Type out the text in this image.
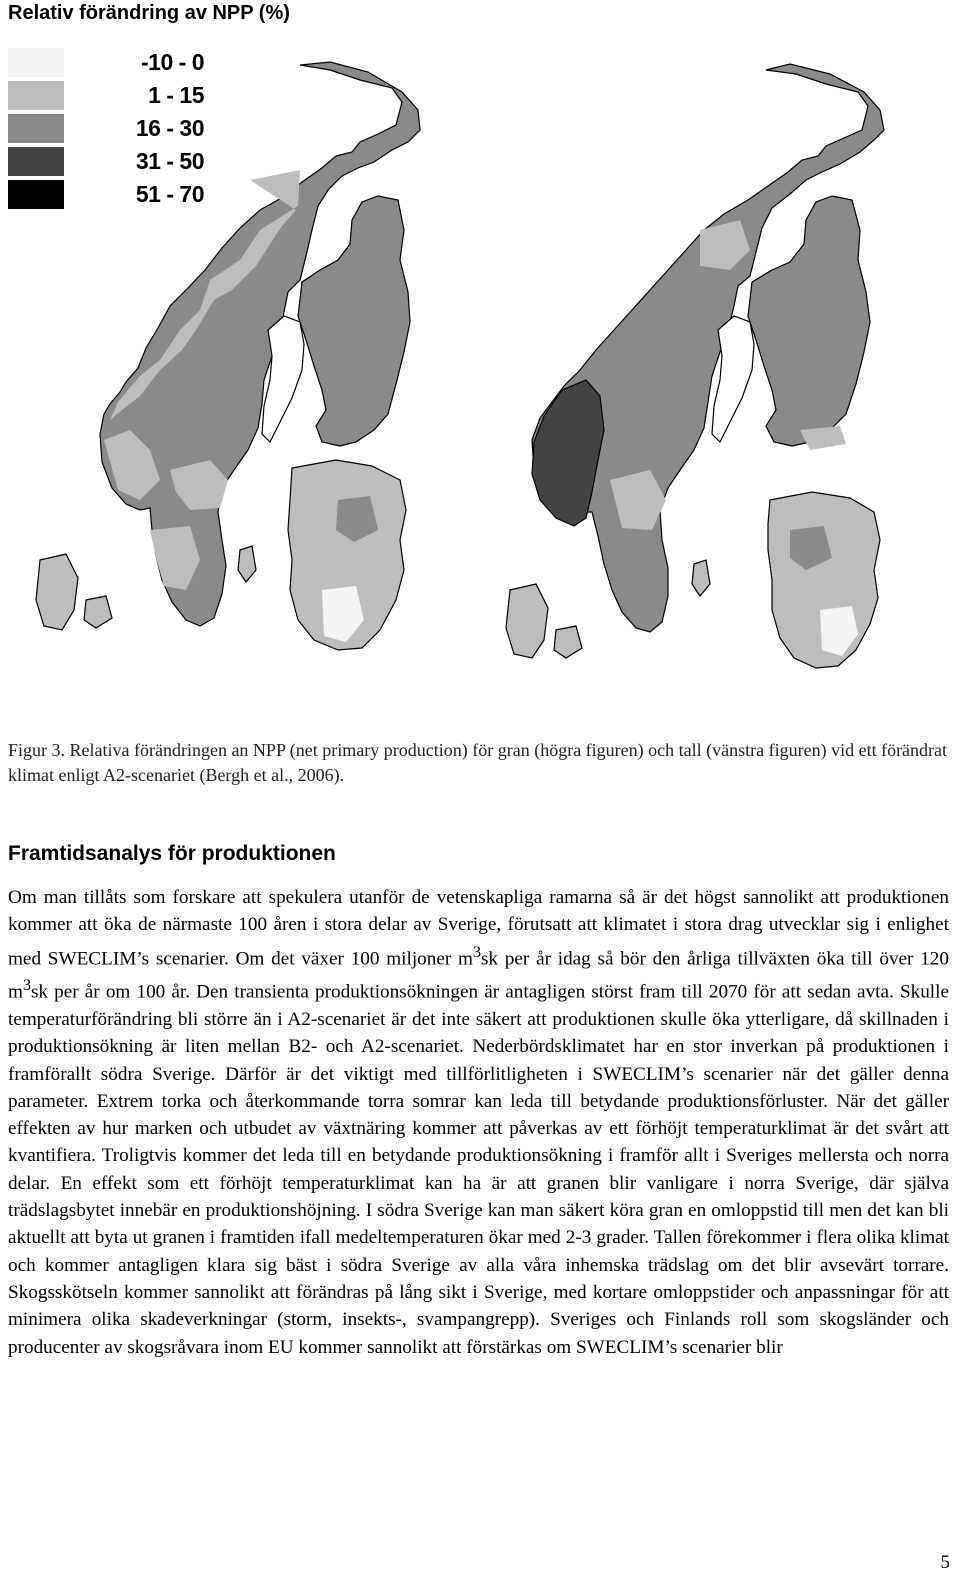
Relativ förändring av NPP (%)
-10 - 0
1 - 15
16 - 30
31 - 50
51 - 70
Figur 3. Relativa förändringen an NPP (net primary production) för gran (högra figuren) och tall (vänstra figuren) vid ett förändrat klimat enligt A2-scenariet (Bergh et al., 2006).
Framtidsanalys för produktionen

Om man tillåts som forskare att spekulera utanför de vetenskapliga ramarna så är det högst sannolikt att produktionen kommer att öka de närmaste 100 åren i stora delar av Sverige, förutsatt att klimatet i stora drag utvecklar sig i enlighet med SWECLIM’s scenarier. Om det växer 100 miljoner $m^3sk$ per år idag så bör den årliga tillväxten öka till över 120 $m^3sk$ per år om 100 år. Den transienta produktionsökningen är antagligen störst fram till 2070 för att sedan avta. Skulle temperaturförändring bli större än i A2-scenariet är det inte säkert att produktionen skulle öka ytterligare, då skillnaden i produktionsökning är liten mellan B2- och A2-scenariet. Nederbördsklimatet har en stor inverkan på produktionen i framförallt södra Sverige. Därför är det viktigt med tillförlitligheten i SWECLIM’s scenarier när det gäller denna parameter. Extrem torka och återkommande torra somrar kan leda till betydande produktionsförluster. När det gäller effekten av hur marken och utbudet av växtnäring kommer att påverkas av ett förhöjt temperaturklimat är det svårt att kvantifiera. Troligtvis kommer det leda till en betydande produktionsökning i framför allt i Sveriges mellersta och norra delar. En effekt som ett förhöjt temperaturklimat kan ha är att granen blir vanligare i norra Sverige, där själva trädslagsbytet innebär en produktionshöjning. I södra Sverige kan man säkert köra gran en omloppstid till men det kan bli aktuellt att byta ut granen i framtiden ifall medeltemperaturen ökar med 2-3 grader. Tallen förekommer i flera olika klimat och kommer antagligen klara sig bäst i södra Sverige av alla våra inhemska trädslag om det blir avsevärt torrare. Skogsskötseln kommer sannolikt att förändras på lång sikt i Sverige, med kortare omloppstider och anpassningar för att minimera olika skadeverkningar (storm, insekts-, svampangrepp). Sveriges och Finlands roll som skogsländer och producenter av skogsråvara inom EU kommer sannolikt att förstärkas om SWECLIM’s scenarier blir

5
